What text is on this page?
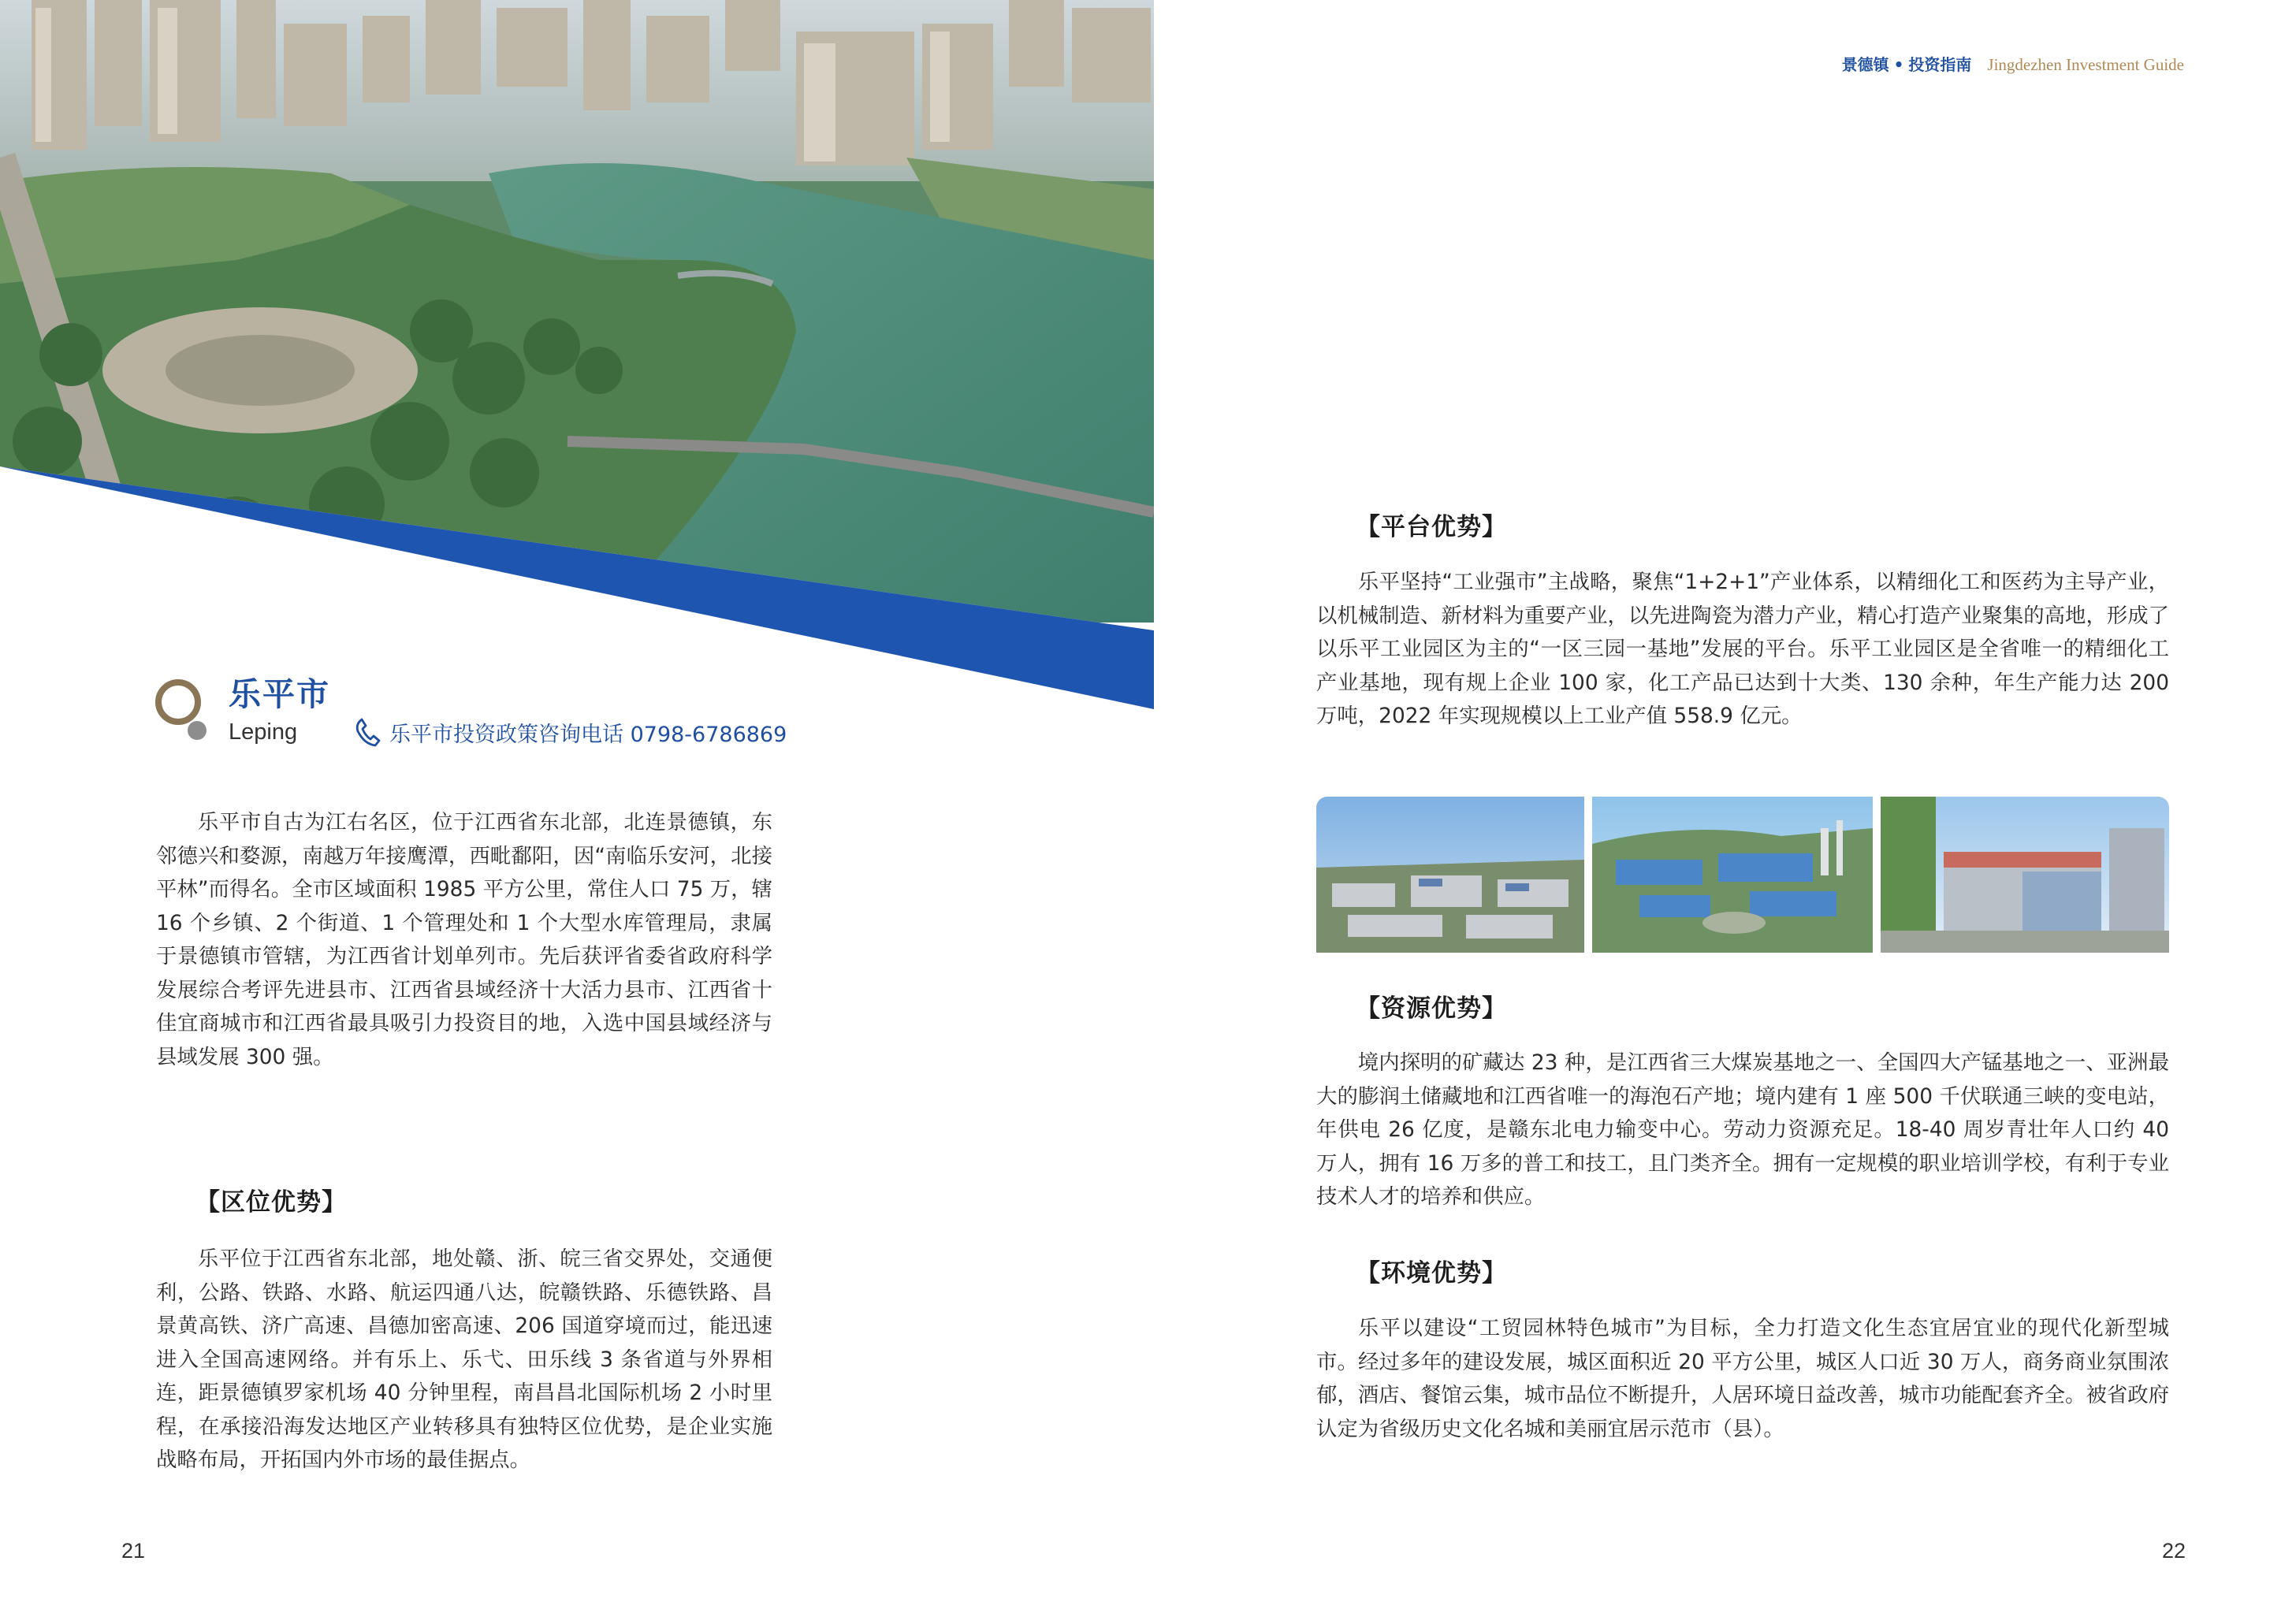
乐平市
Leping	乐平市投资政策咨询电话 0798-6786869
乐平市自古为江右名区，位于江西省东北部，北连景德镇，东邻德兴和婺源，南越万年接鹰潭，西毗鄱阳，因“南临乐安河，北接平林”而得名。全市区域面积 1985 平方公里，常住人口 75 万，辖 16 个乡镇、2 个街道、1 个管理处和 1 个大型水库管理局，隶属于景德镇市管辖，为江西省计划单列市。先后获评省委省政府科学发展综合考评先进县市、江西省县域经济十大活力县市、江西省十佳宜商城市和江西省最具吸引力投资目的地，入选中国县域经济与县域发展 300 强。
【区位优势】
乐平位于江西省东北部，地处赣、浙、皖三省交界处，交通便利，公路、铁路、水路、航运四通八达，皖赣铁路、乐德铁路、昌景黄高铁、济广高速、昌德加密高速、206 国道穿境而过，能迅速进入全国高速网络。并有乐上、乐弋、田乐线 3 条省道与外界相连，距景德镇罗家机场 40 分钟里程，南昌昌北国际机场 2 小时里程，在承接沿海发达地区产业转移具有独特区位优势，是企业实施战略布局，开拓国内外市场的最佳据点。
21
景德镇 • 投资指南 Jingdezhen Investment Guide
【平台优势】
乐平坚持“工业强市”主战略，聚焦“1+2+1”产业体系，以精细化工和医药为主导产业，以机械制造、新材料为重要产业，以先进陶瓷为潜力产业，精心打造产业聚集的高地，形成了以乐平工业园区为主的“一区三园一基地”发展的平台。乐平工业园区是全省唯一的精细化工产业基地，现有规上企业 100 家，化工产品已达到十大类、130 余种，年生产能力达 200 万吨，2022 年实现规模以上工业产值 558.9 亿元。
【资源优势】
境内探明的矿藏达 23 种，是江西省三大煤炭基地之一、全国四大产锰基地之一、亚洲最大的膨润土储藏地和江西省唯一的海泡石产地；境内建有 1 座 500 千伏联通三峡的变电站，年供电 26 亿度，是赣东北电力输变中心。劳动力资源充足。18-40 周岁青壮年人口约 40 万人，拥有 16 万多的普工和技工，且门类齐全。拥有一定规模的职业培训学校，有利于专业技术人才的培养和供应。
【环境优势】
乐平以建设“工贸园林特色城市”为目标，全力打造文化生态宜居宜业的现代化新型城市。经过多年的建设发展，城区面积近 20 平方公里，城区人口近 30 万人，商务商业氛围浓郁，酒店、餐馆云集，城市品位不断提升，人居环境日益改善，城市功能配套齐全。被省政府认定为省级历史文化名城和美丽宜居示范市（县）。
22
